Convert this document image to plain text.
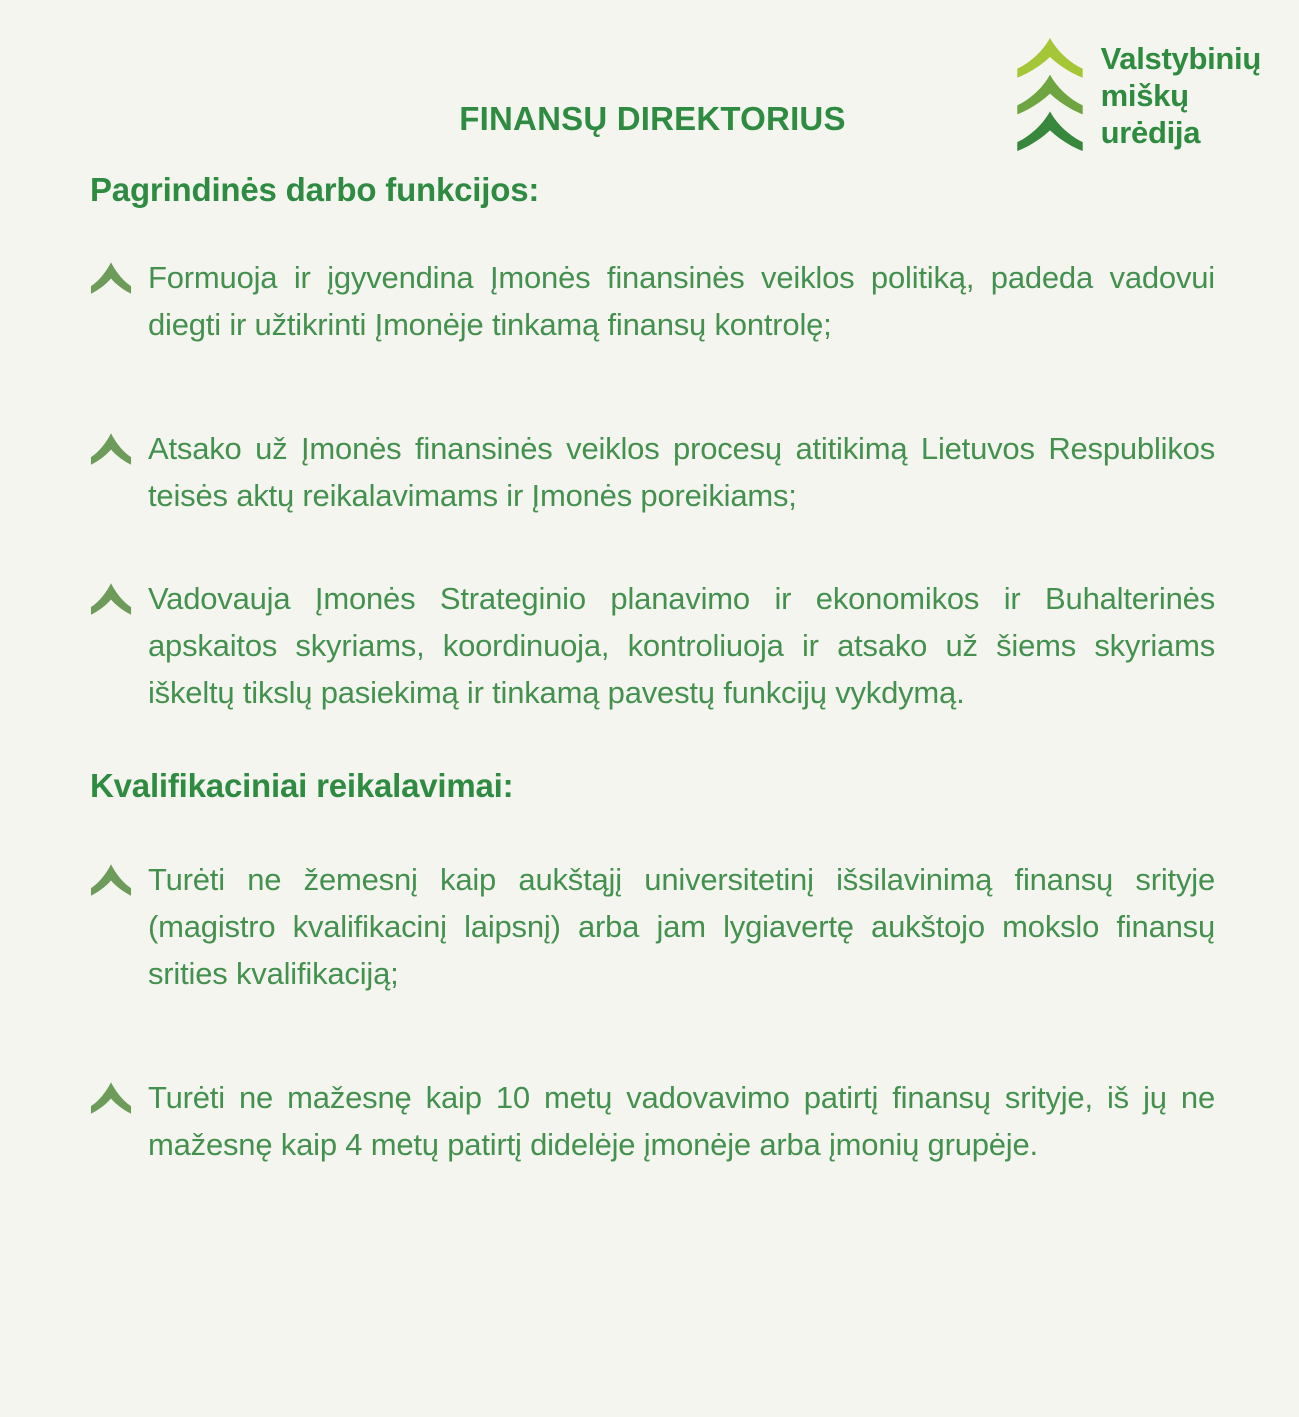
Valstybinių
miškų
urėdija
FINANSŲ DIREKTORIUS
Pagrindinės darbo funkcijos:
Formuoja ir įgyvendina Įmonės finansinės veiklos politiką, padeda vadovui diegti ir užtikrinti Įmonėje tinkamą finansų kontrolę;
Atsako už Įmonės finansinės veiklos procesų atitikimą Lietuvos Respublikos teisės aktų reikalavimams ir Įmonės poreikiams;
Vadovauja Įmonės Strateginio planavimo ir ekonomikos ir Buhalterinės apskaitos skyriams, koordinuoja, kontroliuoja ir atsako už šiems skyriams iškeltų tikslų pasiekimą ir tinkamą pavestų funkcijų vykdymą.
Kvalifikaciniai reikalavimai:
Turėti ne žemesnį kaip aukštąjį universitetinį išsilavinimą finansų srityje (magistro kvalifikacinį laipsnį) arba jam lygiavertę aukštojo mokslo finansų srities kvalifikaciją;
Turėti ne mažesnę kaip 10 metų vadovavimo patirtį finansų srityje, iš jų ne mažesnę kaip 4 metų patirtį didelėje įmonėje arba įmonių grupėje.
